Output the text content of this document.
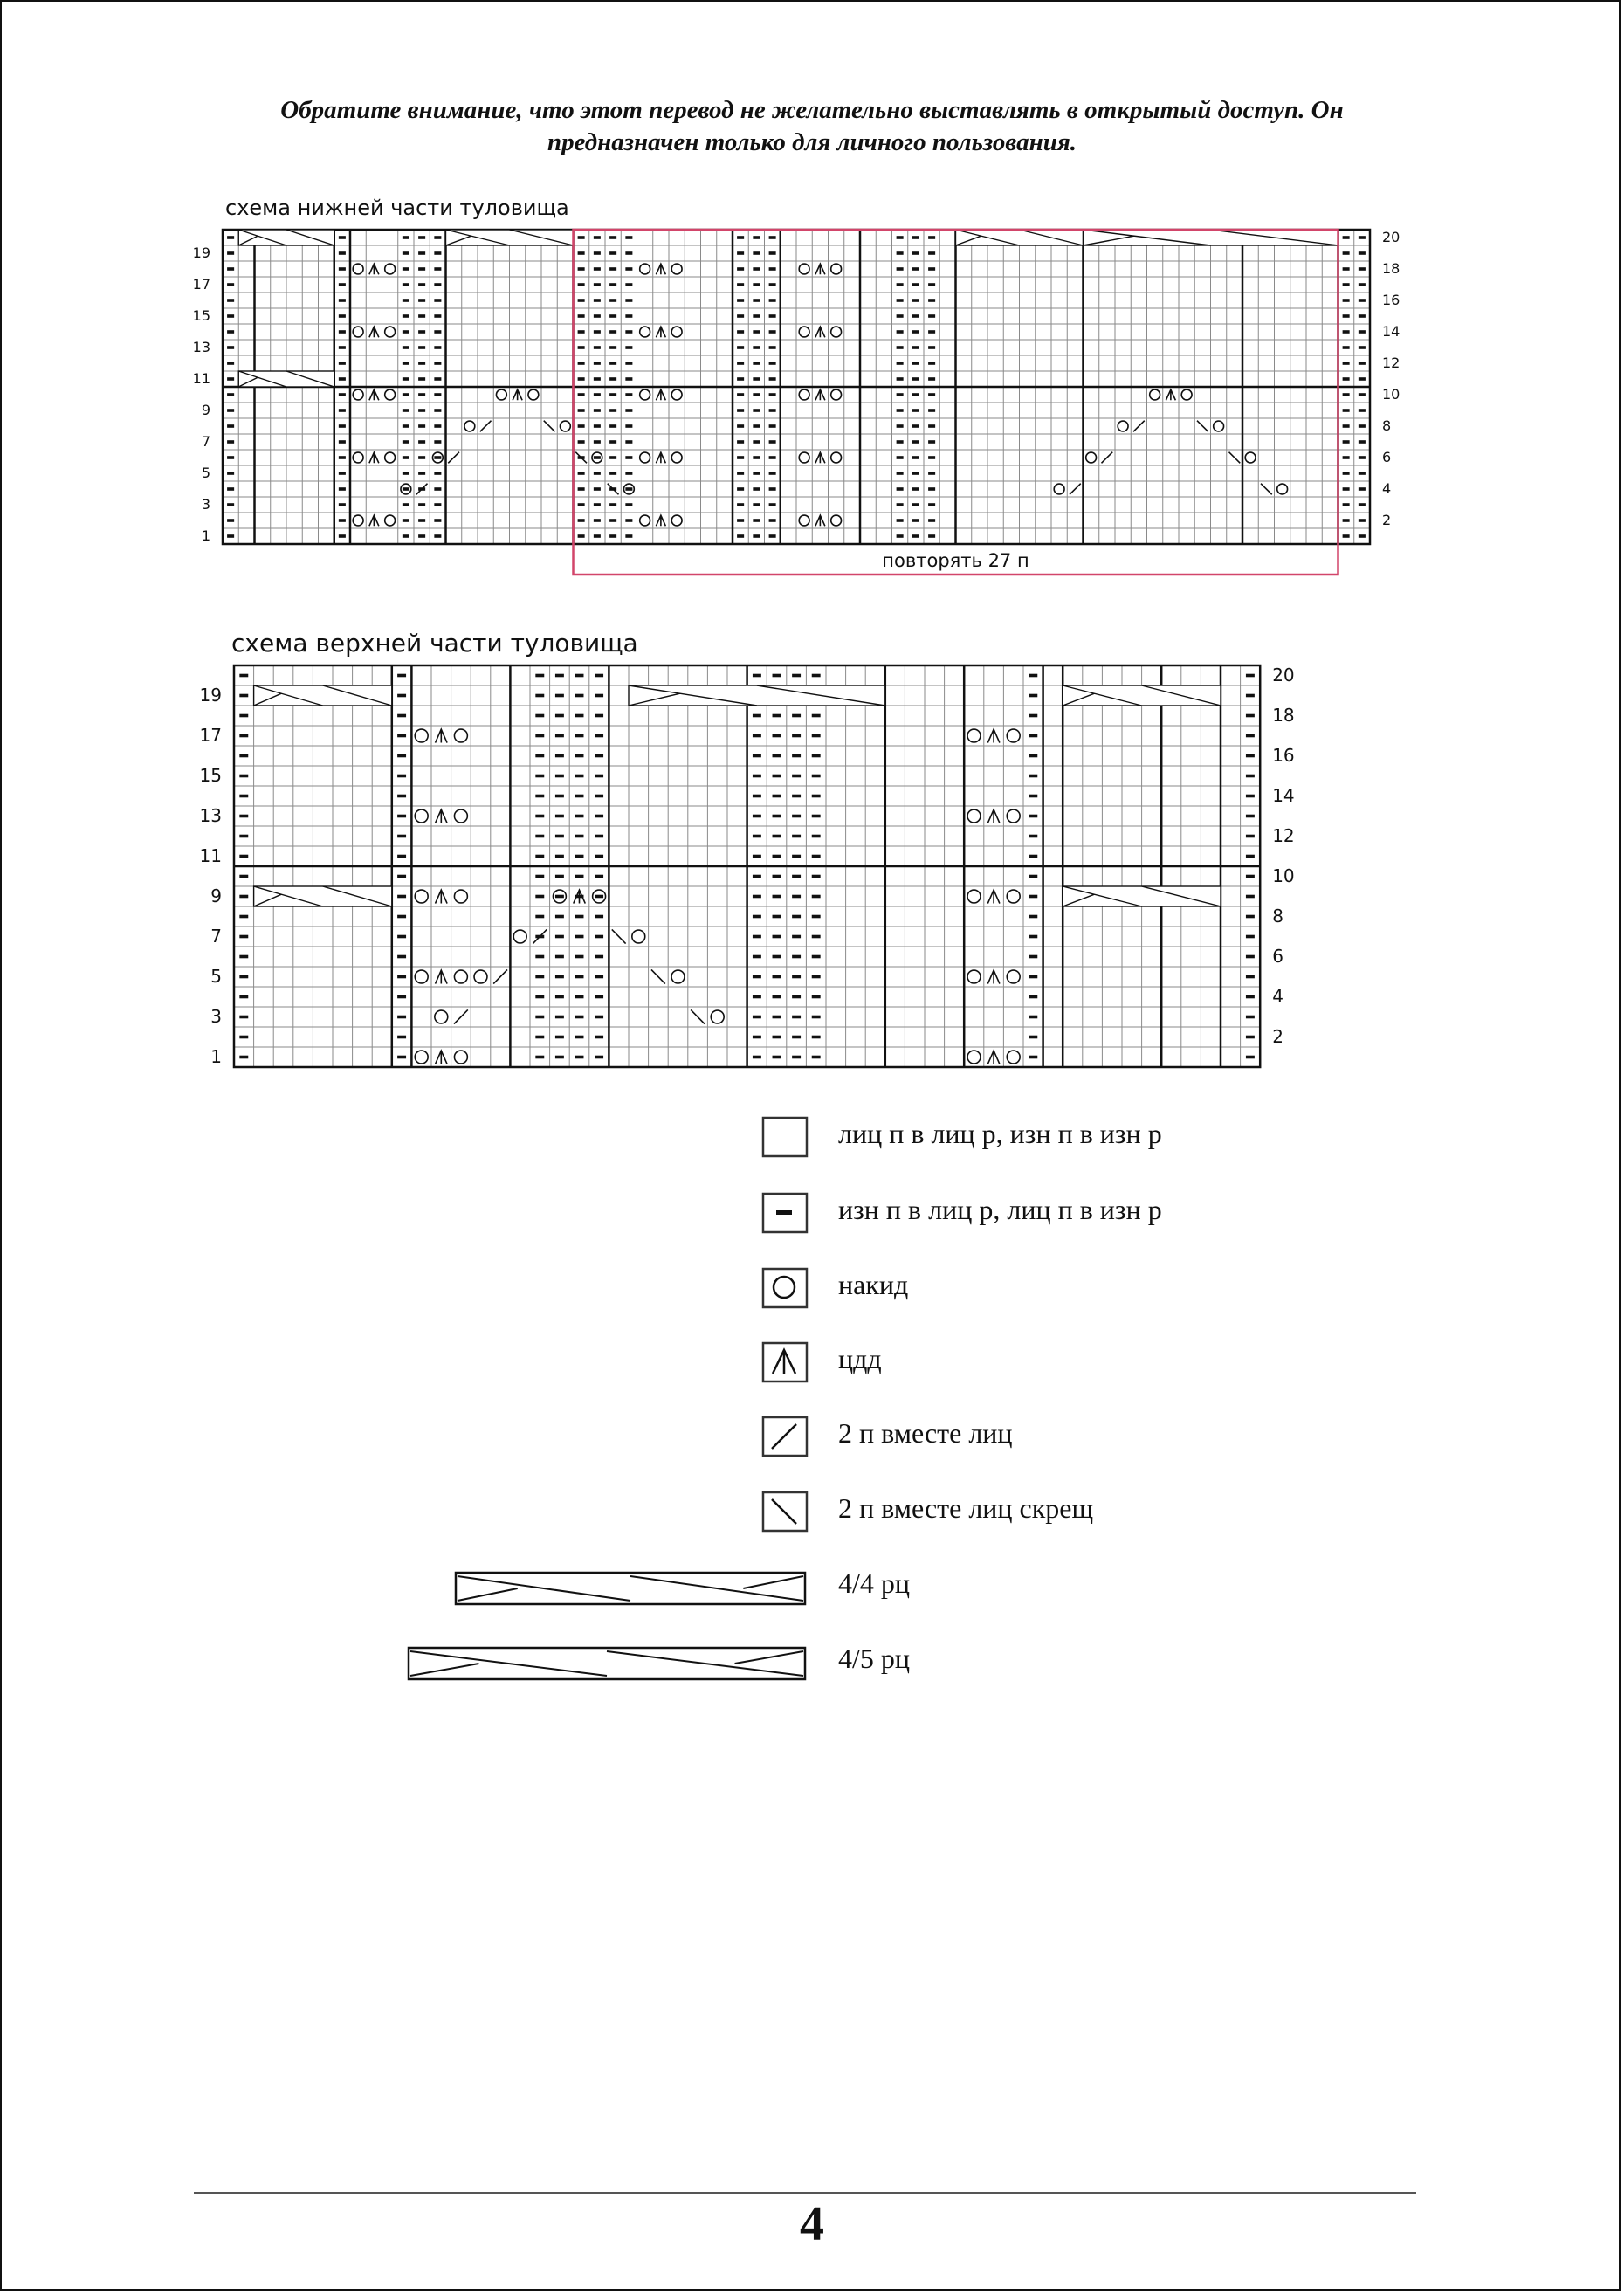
Обратите внимание, что этот перевод не желательно выставлять в открытый доступ. Он
предназначен только для личного пользования.
схема нижней части туловища
схема верхней части туловища
19
17
15
13
11
9
7
5
3
1
20
18
16
14
12
10
8
6
4
2
повторять 27 п
19
17
15
13
11
9
7
5
3
1
20
18
16
14
12
10
8
6
4
2
лиц п в лиц р, изн п в изн р
изн п в лиц р, лиц п в изн р
накид
цдд
2 п вместе лиц
2 п вместе лиц скрещ
4/4 рц
4/5 рц
4
